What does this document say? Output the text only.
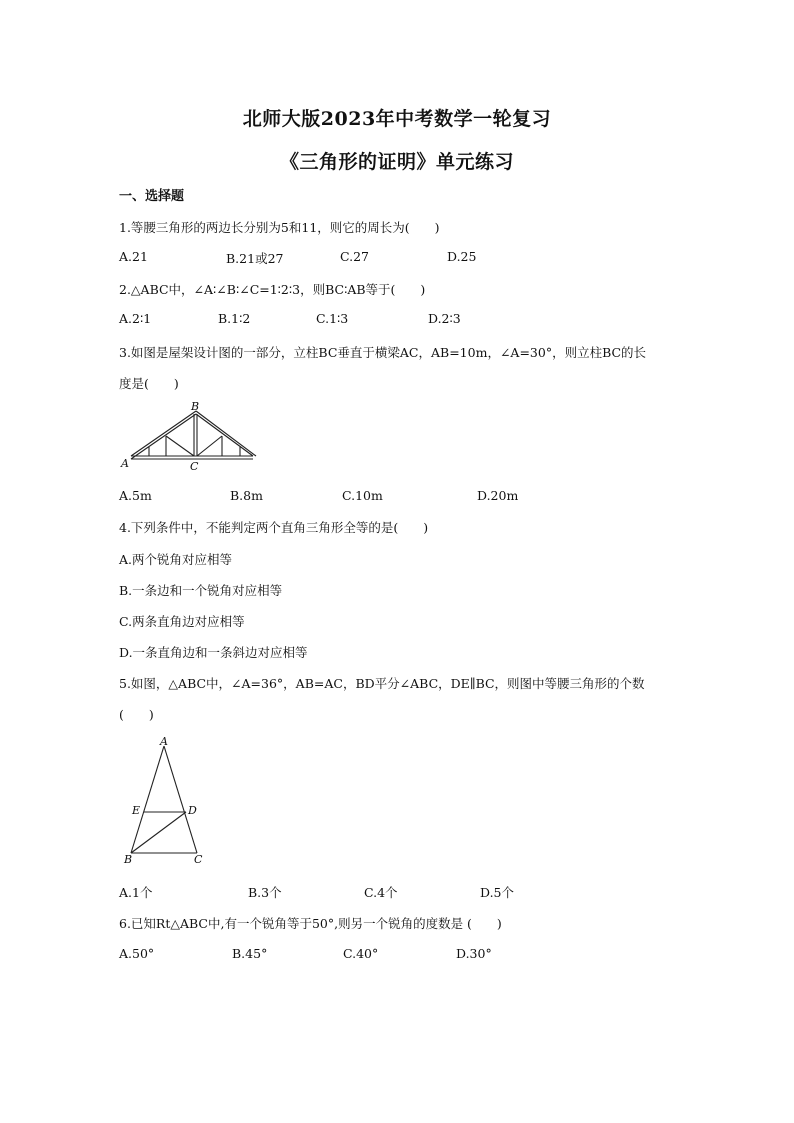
北师大版2023年中考数学一轮复习
《三角形的证明》单元练习
一、选择题
1.等腰三角形的两边长分别为5和11，则它的周长为(　　)
A.21	B.21或27	C.27	D.25
2.△ABC中，∠A∶∠B∶∠C=1∶2∶3，则BC∶AB等于(　　)
A.2∶1	B.1∶2	C.1∶3	D.2∶3
3.如图是屋架设计图的一部分，立柱BC垂直于横梁AC，AB=10m，∠A=30°，则立柱BC的长
度是(　　)
B
A	C
A.5m	B.8m	C.10m	D.20m
4.下列条件中，不能判定两个直角三角形全等的是(　　)
A.两个锐角对应相等
B.一条边和一个锐角对应相等
C.两条直角边对应相等
D.一条直角边和一条斜边对应相等
5.如图，△ABC中，∠A=36°，AB=AC，BD平分∠ABC，DE∥BC，则图中等腰三角形的个数
(　　)
A
E	D
B	C
A.1个	B.3个	C.4个	D.5个
6.已知Rt△ABC中,有一个锐角等于50°,则另一个锐角的度数是 (　　)
A.50°	B.45°	C.40°	D.30°
